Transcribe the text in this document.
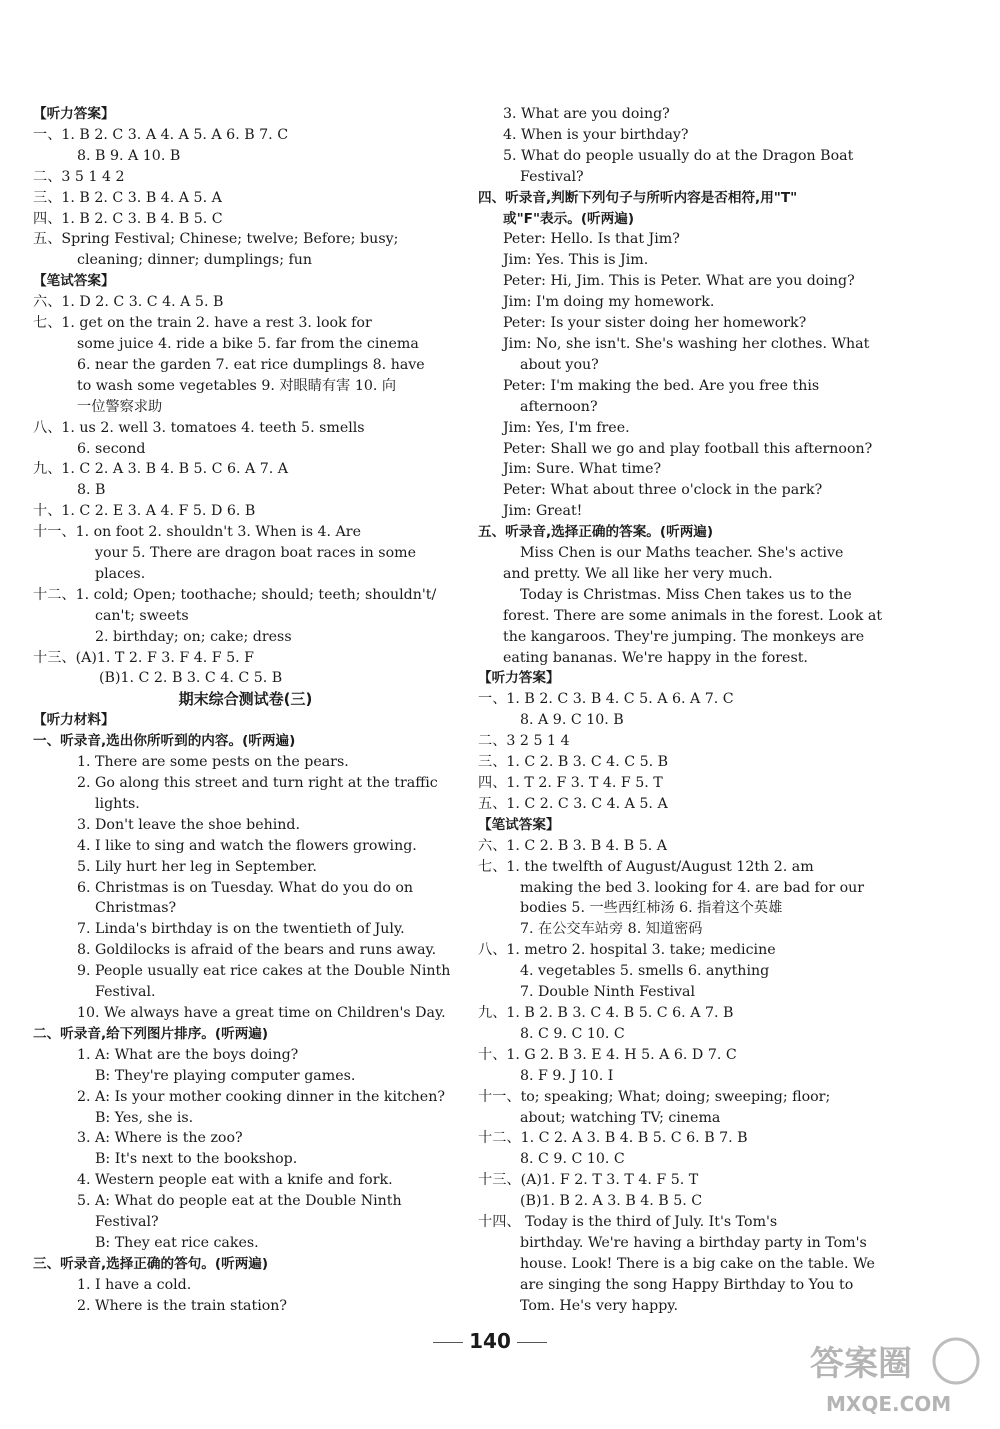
【听力答案】
一、1. B 2. C 3. A 4. A 5. A 6. B 7. C
8. B 9. A 10. B
二、3 5 1 4 2
三、1. B 2. C 3. B 4. A 5. A
四、1. B 2. C 3. B 4. B 5. C
五、Spring Festival; Chinese; twelve; Before; busy;
cleaning; dinner; dumplings; fun
【笔试答案】
六、1. D 2. C 3. C 4. A 5. B
七、1. get on the train 2. have a rest 3. look for
some juice 4. ride a bike 5. far from the cinema
6. near the garden 7. eat rice dumplings 8. have
to wash some vegetables 9. 对眼睛有害 10. 向
一位警察求助
八、1. us 2. well 3. tomatoes 4. teeth 5. smells
6. second
九、1. C 2. A 3. B 4. B 5. C 6. A 7. A
8. B
十、1. C 2. E 3. A 4. F 5. D 6. B
十一、1. on foot 2. shouldn't 3. When is 4. Are
your 5. There are dragon boat races in some
places.
十二、1. cold; Open; toothache; should; teeth; shouldn't/
can't; sweets
2. birthday; on; cake; dress
十三、(A)1. T 2. F 3. F 4. F 5. F
(B)1. C 2. B 3. C 4. C 5. B
期末综合测试卷(三)
【听力材料】
一、听录音,选出你所听到的内容。(听两遍)
1. There are some pests on the pears.
2. Go along this street and turn right at the traffic
lights.
3. Don't leave the shoe behind.
4. I like to sing and watch the flowers growing.
5. Lily hurt her leg in September.
6. Christmas is on Tuesday. What do you do on
Christmas?
7. Linda's birthday is on the twentieth of July.
8. Goldilocks is afraid of the bears and runs away.
9. People usually eat rice cakes at the Double Ninth
Festival.
10. We always have a great time on Children's Day.
二、听录音,给下列图片排序。(听两遍)
1. A: What are the boys doing?
B: They're playing computer games.
2. A: Is your mother cooking dinner in the kitchen?
B: Yes, she is.
3. A: Where is the zoo?
B: It's next to the bookshop.
4. Western people eat with a knife and fork.
5. A: What do people eat at the Double Ninth
Festival?
B: They eat rice cakes.
三、听录音,选择正确的答句。(听两遍)
1. I have a cold.
2. Where is the train station?
3. What are you doing?
4. When is your birthday?
5. What do people usually do at the Dragon Boat
Festival?
四、听录音,判断下列句子与所听内容是否相符,用"T"
或"F"表示。(听两遍)
Peter: Hello. Is that Jim?
Jim: Yes. This is Jim.
Peter: Hi, Jim. This is Peter. What are you doing?
Jim: I'm doing my homework.
Peter: Is your sister doing her homework?
Jim: No, she isn't. She's washing her clothes. What
about you?
Peter: I'm making the bed. Are you free this
afternoon?
Jim: Yes, I'm free.
Peter: Shall we go and play football this afternoon?
Jim: Sure. What time?
Peter: What about three o'clock in the park?
Jim: Great!
五、听录音,选择正确的答案。(听两遍)
Miss Chen is our Maths teacher. She's active
and pretty. We all like her very much.
Today is Christmas. Miss Chen takes us to the
forest. There are some animals in the forest. Look at
the kangaroos. They're jumping. The monkeys are
eating bananas. We're happy in the forest.
【听力答案】
一、1. B 2. C 3. B 4. C 5. A 6. A 7. C
8. A 9. C 10. B
二、3 2 5 1 4
三、1. C 2. B 3. C 4. C 5. B
四、1. T 2. F 3. T 4. F 5. T
五、1. C 2. C 3. C 4. A 5. A
【笔试答案】
六、1. C 2. B 3. B 4. B 5. A
七、1. the twelfth of August/August 12th 2. am
making the bed 3. looking for 4. are bad for our
bodies 5. 一些西红柿汤 6. 指着这个英雄
7. 在公交车站旁 8. 知道密码
八、1. metro 2. hospital 3. take; medicine
4. vegetables 5. smells 6. anything
7. Double Ninth Festival
九、1. B 2. B 3. C 4. B 5. C 6. A 7. B
8. C 9. C 10. C
十、1. G 2. B 3. E 4. H 5. A 6. D 7. C
8. F 9. J 10. I
十一、to; speaking; What; doing; sweeping; floor;
about; watching TV; cinema
十二、1. C 2. A 3. B 4. B 5. C 6. B 7. B
8. C 9. C 10. C
十三、(A)1. F 2. T 3. T 4. F 5. T
(B)1. B 2. A 3. B 4. B 5. C
十四、 Today is the third of July. It's Tom's
birthday. We're having a birthday party in Tom's
house. Look! There is a big cake on the table. We
are singing the song Happy Birthday to You to
Tom. He's very happy.
140
答案圈
MXQE.COM
